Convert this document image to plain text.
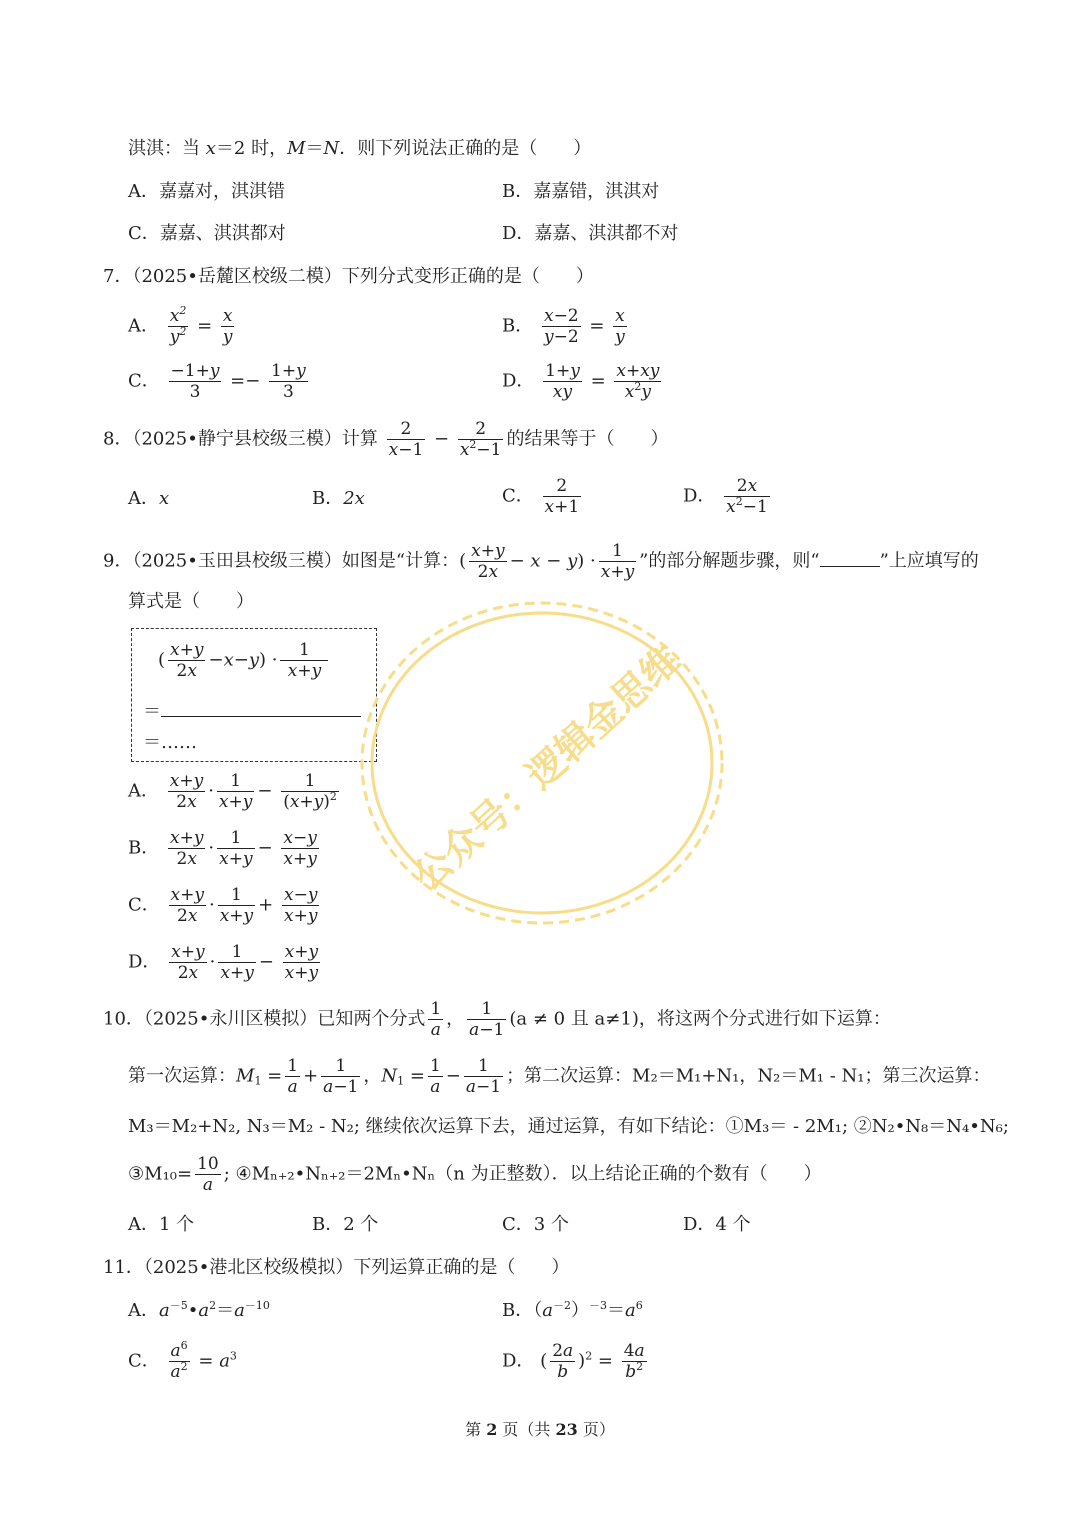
淇淇：当 x＝2 时，M＝N．则下列说法正确的是（　　）
A．嘉嘉对，淇淇错	B．嘉嘉错，淇淇对
C．嘉嘉、淇淇都对	D．嘉嘉、淇淇都不对
7．（2025•岳麓区校级二模）下列分式变形正确的是（　　）
A． $\frac{x^2}{y^2} = \frac{x}{y}$	B． $\frac{x-2}{y-2} = \frac{x}{y}$
C． $\frac{-1+y}{3} =- \frac{1+y}{3}$	D． $\frac{1+y}{xy} = \frac{x+xy}{x^2y}$
8．（2025•静宁县校级三模）计算 $\frac{2}{x-1} - \frac{2}{x^2-1}$ 的结果等于（　　）
A．x	B．2x	C． $\frac{2}{x+1}$	D． $\frac{2x}{x^2-1}$
9．（2025•玉田县校级三模）如图是“计算：( $\frac{x+y}{2x} - x - y) \cdot \frac{1}{x+y}$ ”的部分解题步骤，则“	”上应填写的
算式是（　　）
( $\frac{x+y}{2x} -x-y) \cdot \frac{1}{x+y}$
＝
＝……
A． $\frac{x+y}{2x} \cdot \frac{1}{x+y} - \frac{1}{(x+y)^2}$
B． $\frac{x+y}{2x} \cdot \frac{1}{x+y} - \frac{x-y}{x+y}$
C． $\frac{x+y}{2x} \cdot \frac{1}{x+y} + \frac{x-y}{x+y}$
D． $\frac{x+y}{2x} \cdot \frac{1}{x+y} - \frac{x+y}{x+y}$
10．（2025•永川区模拟）已知两个分式 $\frac{1}{a}$ ， $\frac{1}{a-1} (a \ne 0$ 且 a≠1)，将这两个分式进行如下运算：
第一次运算：$M_1 = \frac{1}{a} + \frac{1}{a-1}$ ，$N_1 = \frac{1}{a} - \frac{1}{a-1}$ ；第二次运算：M₂＝M₁+N₁，N₂＝M₁ - N₁；第三次运算：
M₃＝M₂+N₂, N₃＝M₂ - N₂; 继续依次运算下去，通过运算，有如下结论：①M₃＝ - 2M₁; ②N₂•N₈＝N₄•N₆;
③M₁₀= $\frac{10}{a}$ ; ④Mₙ₊₂•Nₙ₊₂＝2Mₙ•Nₙ（n 为正整数）．以上结论正确的个数有（　　）
A．1 个	B．2 个	C．3 个	D．4 个
11．（2025•港北区校级模拟）下列运算正确的是（　　）
A．$a^{-5}•a^2=a^{-10}$	B．$(a^{-2})^{-3}=a^6$
C． $\frac{a^6}{a^2} = a^3$	D． ( $\frac{2a}{b} )^2 = \frac{4a}{b^2}$
公众号：逻辑金思维
第 2 页（共 23 页）
